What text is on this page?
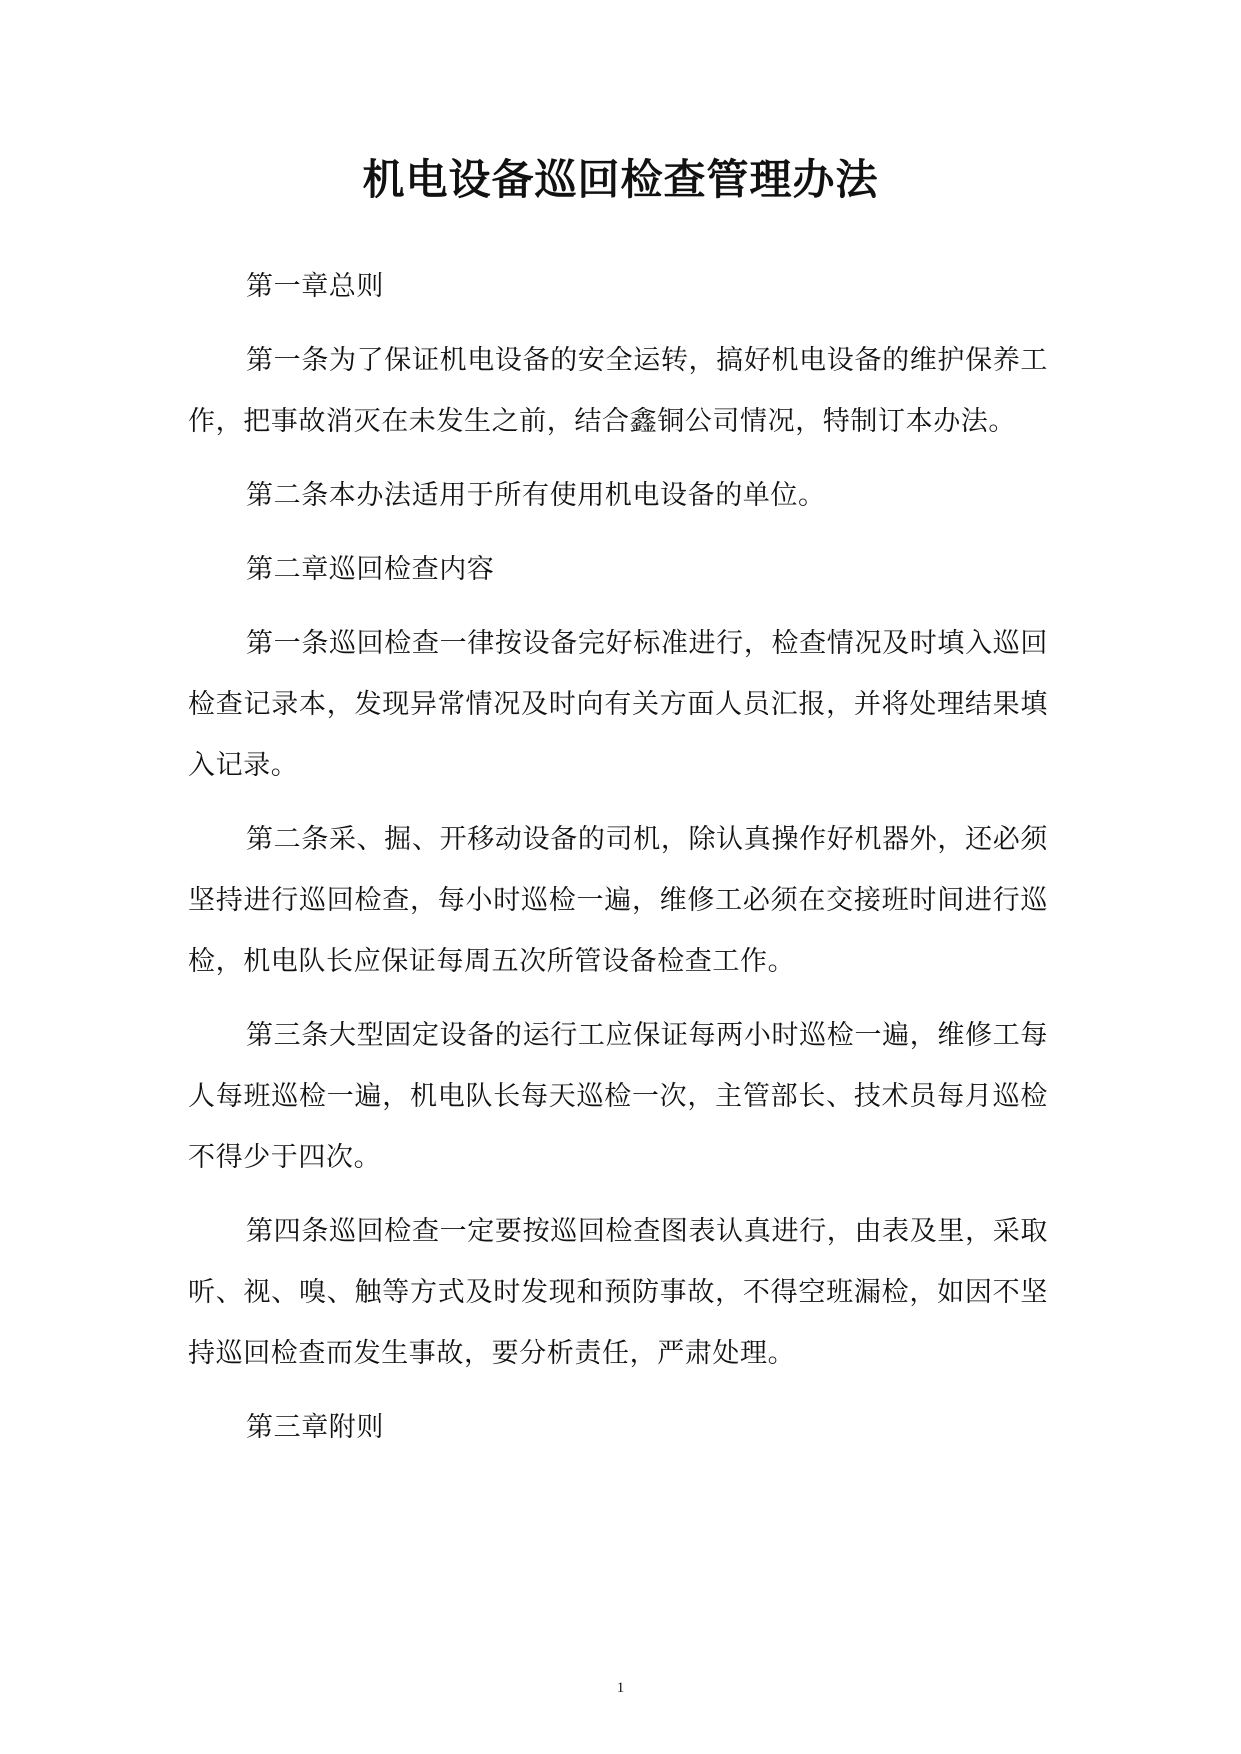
机电设备巡回检查管理办法

第一章总则

第一条为了保证机电设备的安全运转，搞好机电设备的维护保养工作，把事故消灭在未发生之前，结合鑫铜公司情况，特制订本办法。

第二条本办法适用于所有使用机电设备的单位。

第二章巡回检查内容

第一条巡回检查一律按设备完好标准进行，检查情况及时填入巡回检查记录本，发现异常情况及时向有关方面人员汇报，并将处理结果填入记录。

第二条采、掘、开移动设备的司机，除认真操作好机器外，还必须坚持进行巡回检查，每小时巡检一遍，维修工必须在交接班时间进行巡检，机电队长应保证每周五次所管设备检查工作。

第三条大型固定设备的运行工应保证每两小时巡检一遍，维修工每人每班巡检一遍，机电队长每天巡检一次，主管部长、技术员每月巡检不得少于四次。

第四条巡回检查一定要按巡回检查图表认真进行，由表及里，采取听、视、嗅、触等方式及时发现和预防事故，不得空班漏检，如因不坚持巡回检查而发生事故，要分析责任，严肃处理。

第三章附则

1
